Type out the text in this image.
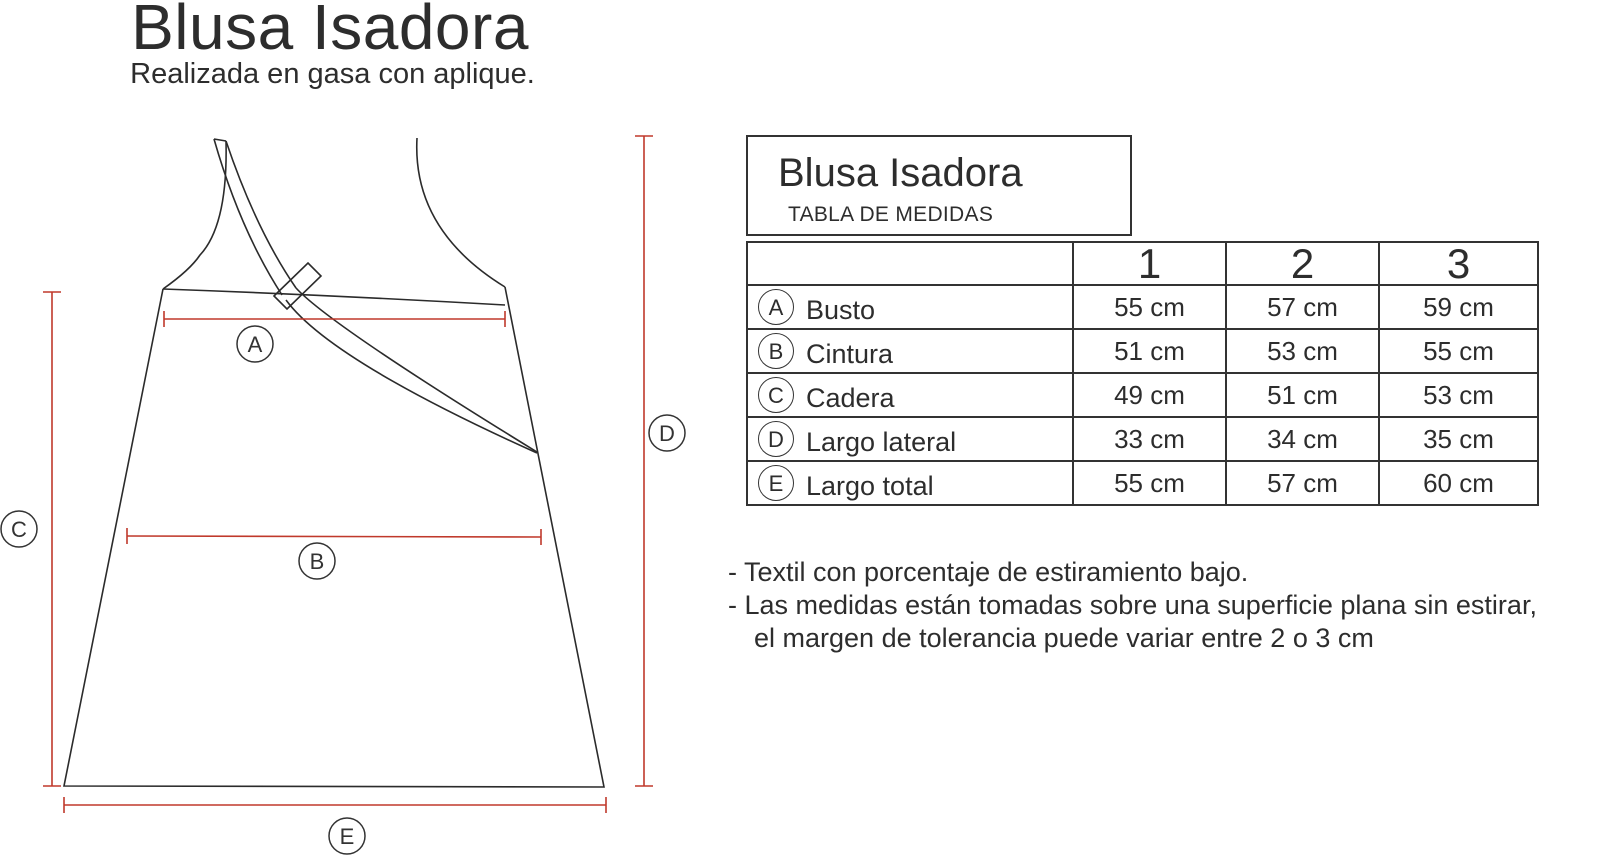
Blusa Isadora
Realizada en gasa con aplique.
A
B
C
D
E
Blusa Isadora
TABLA DE MEDIDAS
	1	2	3
A Busto	55 cm	57 cm	59 cm
B Cintura	51 cm	53 cm	55 cm
C Cadera	49 cm	51 cm	53 cm
D Largo lateral	33 cm	34 cm	35 cm
E Largo total	55 cm	57 cm	60 cm
- Textil con porcentaje de estiramiento bajo.
- Las medidas están tomadas sobre una superficie plana sin estirar,
el margen de tolerancia puede variar entre 2 o 3 cm
